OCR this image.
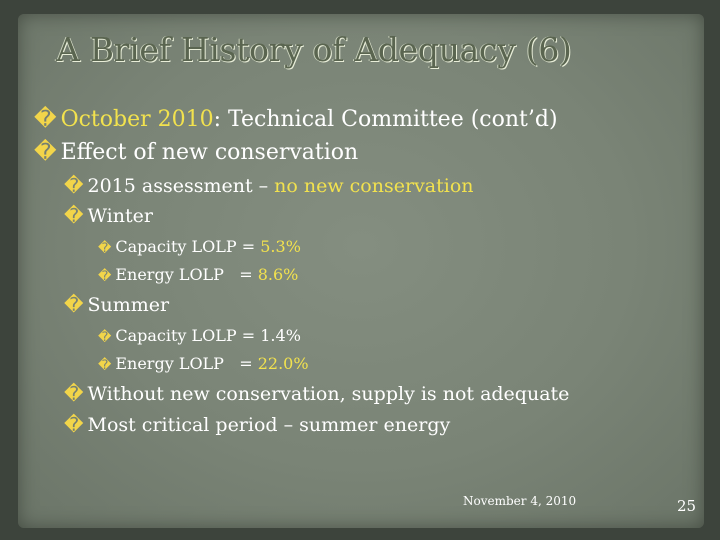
A Brief History of Adequacy (6)
� October 2010: Technical Committee (cont’d)
� Effect of new conservation
� 2015 assessment – no new conservation
� Winter
� Capacity LOLP = 5.3%
� Energy LOLP   = 8.6%
� Summer
� Capacity LOLP = 1.4%
� Energy LOLP   = 22.0%
� Without new conservation, supply is not adequate
� Most critical period – summer energy
November 4, 2010	25
